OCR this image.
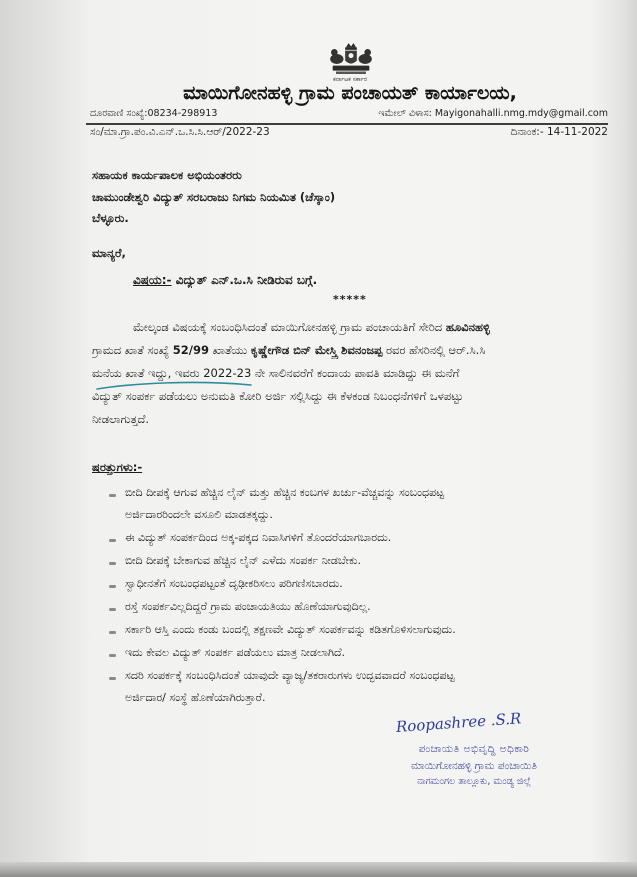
ಕರ್ನಾಟಕ ಸರ್ಕಾರ
ಮಾಯಿಗೋನಹಳ್ಳಿ ಗ್ರಾಮ ಪಂಚಾಯತ್ ಕಾರ್ಯಾಲಯ,
ದೂರವಾಣಿ ಸಂಖ್ಯೆ:08234-298913	ಇಮೇಲ್ ವಿಳಾಸ: Mayigonahalli.nmg.mdy@gmail.com
ಸಂ/ಮಾ.ಗ್ರಾ.ಪಂ.ವಿ.ಎನ್.ಒ.ಸಿ.ಸಿ.ಆರ್/2022-23	ದಿನಾಂಕ:- 14-11-2022
ಸಹಾಯಕ ಕಾರ್ಯಪಾಲಕ ಅಭಿಯಂತರರು
ಚಾಮುಂಡೇಶ್ವರಿ ವಿದ್ಯುತ್ ಸರಬರಾಜು ನಿಗಮ ನಿಯಮಿತ (ಚೆಸ್ಕಾಂ)
ಬೆಳ್ಳೂರು.
ಮಾನ್ಯರೆ,
ವಿಷಯ:- ವಿದ್ಯುತ್ ಎನ್.ಒ.ಸಿ ನೀಡಿರುವ ಬಗ್ಗೆ.
*****
ಮೇಲ್ಕಂಡ ವಿಷಯಕ್ಕೆ ಸಂಬಂಧಿಸಿದಂತೆ ಮಾಯಿಗೋನಹಳ್ಳಿ ಗ್ರಾಮ ಪಂಚಾಯತಿಗೆ ಸೇರಿದ ಹೂವಿನಹಳ್ಳಿ
ಗ್ರಾಮದ ಖಾತೆ ಸಂಖ್ಯೆ 52/99 ಖಾತೆಯು ಕೃಷ್ಣೇಗೌಡ ಬಿನ್ ಮೇಸ್ತ್ರಿ ಶಿವನಂಜಪ್ಪ ರವರ ಹೆಸರಿನಲ್ಲಿ ಆರ್.ಸಿ.ಸಿ
ಮನೆಯ ಖಾತೆ ಇದ್ದು, ಇವರು 2022-23 ನೇ ಸಾಲಿನವರೆಗೆ ಕಂದಾಯ ಪಾವತಿ ಮಾಡಿದ್ದು ಈ ಮನೆಗೆ
ವಿದ್ಯುತ್ ಸಂಪರ್ಕ ಪಡೆಯಲು ಅನುಮತಿ ಕೋರಿ ಅರ್ಜಿ ಸಲ್ಲಿಸಿದ್ದು ಈ ಕೆಳಕಂಡ ನಿಬಂಧನೆಗಳಿಗೆ ಒಳಪಟ್ಟು
ನೀಡಲಾಗುತ್ತದೆ.
ಷರತ್ತುಗಳು:-
ಬೀದಿ ದೀಪಕ್ಕೆ ಆಗುವ ಹೆಚ್ಚಿನ ಲೈನ್ ಮತ್ತು ಹೆಚ್ಚಿನ ಕಂಬಗಳ ಖರ್ಚು-ವೆಚ್ಚವನ್ನು ಸಂಬಂಧಪಟ್ಟ
ಅರ್ಜಿದಾರರಿಂದಲೇ ವಸೂಲಿ ಮಾಡತಕ್ಕದ್ದು.
ಈ ವಿದ್ಯುತ್ ಸಂಪರ್ಕದಿಂದ ಅಕ್ಕ-ಪಕ್ಕದ ನಿವಾಸಿಗಳಿಗೆ ತೊಂದರೆಯಾಗಬಾರದು.
ಬೀದಿ ದೀಪಕ್ಕೆ ಬೇಕಾಗುವ ಹೆಚ್ಚಿನ ಲೈನ್ ಎಳೆದು ಸಂಪರ್ಕ ನೀಡಬೇಕು.
ಸ್ವಾಧೀನತೆಗೆ ಸಂಬಂಧಪಟ್ಟಂತೆ ದೃಢೀಕರಿಸಲು ಪರಿಗಣಿಸಬಾರದು.
ರಸ್ತೆ ಸಂಪರ್ಕವಿಲ್ಲದಿದ್ದರೆ ಗ್ರಾಮ ಪಂಚಾಯತಿಯು ಹೊಣೆಯಾಗುವುದಿಲ್ಲ.
ಸರ್ಕಾರಿ ಆಸ್ತಿ ಎಂದು ಕಂಡು ಬಂದಲ್ಲಿ ತಕ್ಷಣವೇ ವಿದ್ಯುತ್ ಸಂಪರ್ಕವನ್ನು ಕಡಿತಗೊಳಿಸಲಾಗುವುದು.
ಇದು ಕೇವಲ ವಿದ್ಯುತ್ ಸಂಪರ್ಕ ಪಡೆಯಲು ಮಾತ್ರ ನೀಡಲಾಗಿದೆ.
ಸದರಿ ಸಂಪರ್ಕಕ್ಕೆ ಸಂಬಂಧಿಸಿದಂತೆ ಯಾವುದೇ ವ್ಯಾಜ್ಯ/ತಕರಾರುಗಳು ಉದ್ಭವವಾದರೆ ಸಂಬಂಧಪಟ್ಟ
ಅರ್ಜಿದಾರ/ ಸಂಸ್ಥೆ ಹೊಣೆಯಾಗಿರುತ್ತಾರೆ.
Roopashree .S.R
ಪಂಚಾಯತಿ ಅಭಿವೃದ್ಧಿ ಅಧಿಕಾರಿ
ಮಾಯಿಗೋನಹಳ್ಳಿ ಗ್ರಾಮ ಪಂಚಾಯಿತಿ
ನಾಗಮಂಗಲ ತಾಲ್ಲೂಕು, ಮಂಡ್ಯ ಜಿಲ್ಲೆ
